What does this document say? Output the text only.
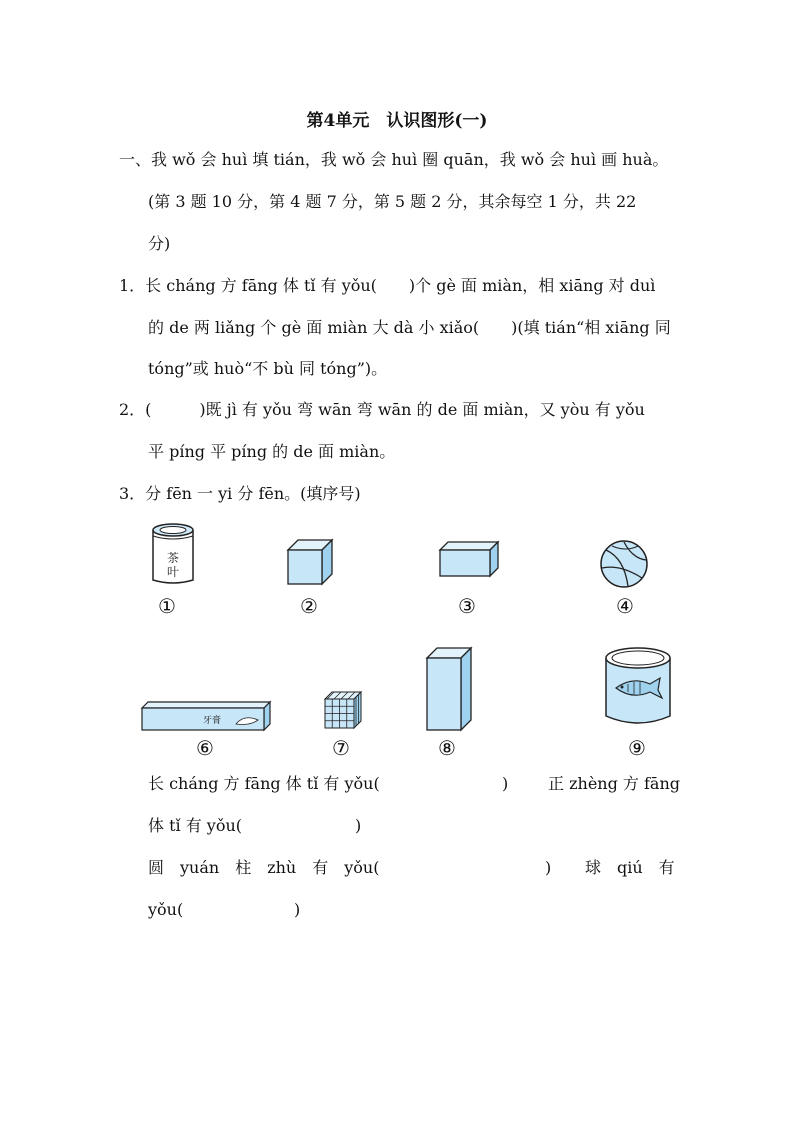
第4单元　认识图形(一)
一、我 wǒ 会 huì 填 tián，我 wǒ 会 huì 圈 quān，我 wǒ 会 huì 画 huà。
(第 3 题 10 分，第 4 题 7 分，第 5 题 2 分，其余每空 1 分，共 22
分)
1．长 cháng 方 fāng 体 tǐ 有 yǒu(　　)个 gè 面 miàn，相 xiāng 对 duì
的 de 两 liǎng 个 gè 面 miàn 大 dà 小 xiǎo(　　)(填 tián“相 xiāng 同
tóng”或 huò“不 bù 同 tóng”)。
2．(　　　)既 jì 有 yǒu 弯 wān 弯 wān 的 de 面 miàn，又 yòu 有 yǒu
平 píng 平 píng 的 de 面 miàn。
3．分 fēn 一 yi 分 fēn。(填序号)
茶
叶
①	②	③	④
牙膏
⑥	⑦	⑧	⑨
长 cháng 方 fāng 体 tǐ 有 yǒu(	) 正 zhèng 方 fāng
体 tǐ 有 yǒu(	)
圆　yuán　柱　zhù　有　yǒu(	) 球　qiú　有
yǒu(	)
